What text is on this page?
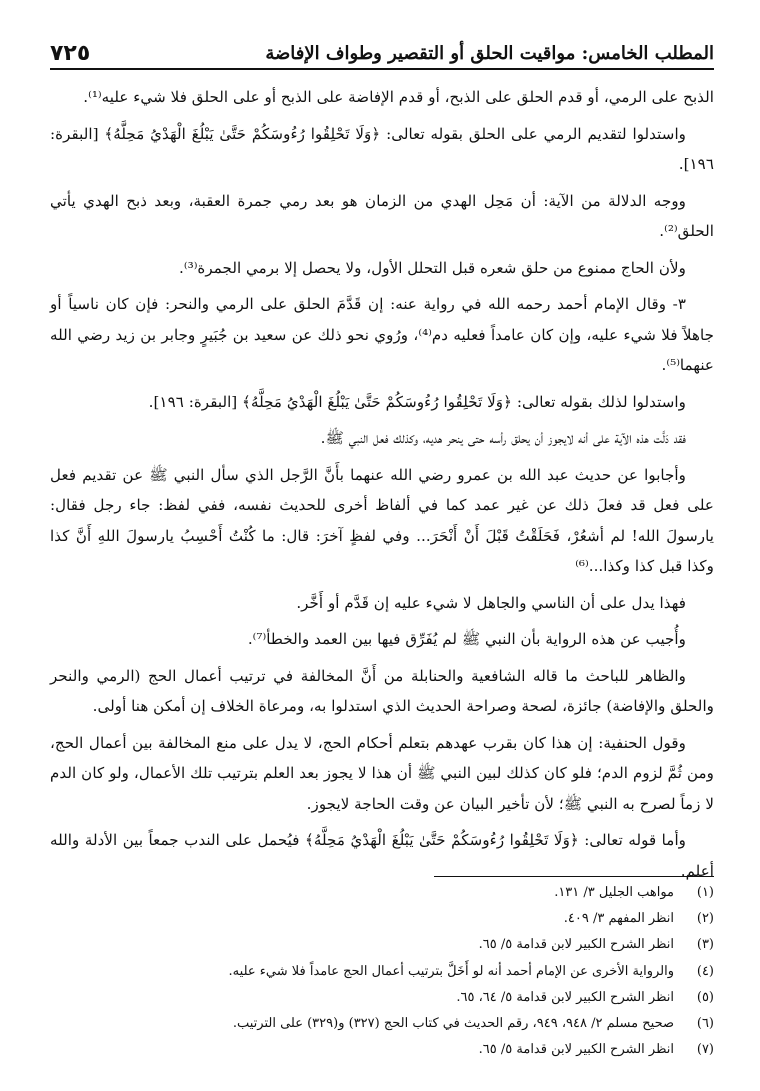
المطلب الخامس: مواقيت الحلق أو التقصير وطواف الإفاضة
٧٢٥

الذبح على الرمي، أو قدم الحلق على الذبح، أو قدم الإفاضة على الذبح أو على الحلق فلا شيء عليه⁽¹⁾.

واستدلوا لتقديم الرمي على الحلق بقوله تعالى: ﴿وَلَا تَحْلِقُوا رُءُوسَكُمْ حَتَّىٰ يَبْلُغَ الْهَدْيُ مَحِلَّهُ﴾ [البقرة: ١٩٦].

ووجه الدلالة من الآية: أن مَحِل الهدي من الزمان هو بعد رمي جمرة العقبة، وبعد ذبح الهدي يأتي الحلق⁽²⁾.

ولأن الحاج ممنوع من حلق شعره قبل التحلل الأول، ولا يحصل إلا برمي الجمرة⁽³⁾.

٣- وقال الإمام أحمد رحمه الله في رواية عنه: إن قَدَّمَ الحلق على الرمي والنحر: فإن كان ناسياً أو جاهلاً فلا شيء عليه، وإن كان عامداً فعليه دم⁽⁴⁾، ورُوي نحو ذلك عن سعيد بن جُبَيرٍ وجابر بن زيد رضي الله عنهما⁽⁵⁾.

واستدلوا لذلك بقوله تعالى: ﴿وَلَا تَحْلِقُوا رُءُوسَكُمْ حَتَّىٰ يَبْلُغَ الْهَدْيُ مَحِلَّهُ﴾ [البقرة: ١٩٦].

فقد دَلَّت هذه الآية على أنه لايجوز أن يحلق رأسه حتى ينحر هديه، وكذلك فعل النبي ﷺ.

وأجابوا عن حديث عبد الله بن عمرو رضي الله عنهما بأَنَّ الرَّجل الذي سأل النبي ﷺ عن تقديم فعل على فعل قد فعلَ ذلك عن غير عمد كما في ألفاظ أخرى للحديث نفسه، ففي لفظ: جاء رجل فقال: يارسولَ الله! لم أشعُرْ، فَحَلَقْتُ قَبْلَ أَنْ أَنْحَرَ... وفي لفظٍ آخرَ: قال: ما كُنْتُ أَحْسِبُ يارسولَ اللهِ أَنَّ كذا وكذا قبل كذا وكذا...⁽⁶⁾

فهذا يدل على أن الناسي والجاهل لا شيء عليه إن قَدَّم أو أَخَّر.

وأُجيب عن هذه الرواية بأن النبي ﷺ لم يُفَرِّق فيها بين العمد والخطأ⁽⁷⁾.

والظاهر للباحث ما قاله الشافعية والحنابلة من أَنَّ المخالفة في ترتيب أعمال الحج (الرمي والنحر والحلق والإفاضة) جائزة، لصحة وصراحة الحديث الذي استدلوا به، ومرعاة الخلاف إن أمكن هنا أولى.

وقول الحنفية: إن هذا كان بقرب عهدهم بتعلم أحكام الحج، لا يدل على منع المخالفة بين أعمال الحج، ومن ثُمَّ لزوم الدم؛ فلو كان كذلك لبين النبي ﷺ أن هذا لا يجوز بعد العلم بترتيب تلك الأعمال، ولو كان الدم لا زماً لصرح به النبي ﷺ؛ لأن تأخير البيان عن وقت الحاجة لايجوز.

وأما قوله تعالى: ﴿وَلَا تَحْلِقُوا رُءُوسَكُمْ حَتَّىٰ يَبْلُغَ الْهَدْيُ مَحِلَّهُ﴾ فيُحمل على الندب جمعاً بين الأدلة والله أعلم.

(١)
مواهب الجليل ٣/ ١٣١.
(٢)
انظر المفهم ٣/ ٤٠٩.
(٣)
انظر الشرح الكبير لابن قدامة ٥/ ٦٥.
(٤)
والرواية الأخرى عن الإمام أحمد أنه لو أَخَلَّ بترتيب أعمال الحج عامداً فلا شيء عليه.
(٥)
انظر الشرح الكبير لابن قدامة ٥/ ٦٤، ٦٥.
(٦)
صحيح مسلم ٢/ ٩٤٨، ٩٤٩، رقم الحديث في كتاب الحج (٣٢٧) و(٣٢٩) على الترتيب.
(٧)
انظر الشرح الكبير لابن قدامة ٥/ ٦٥.
